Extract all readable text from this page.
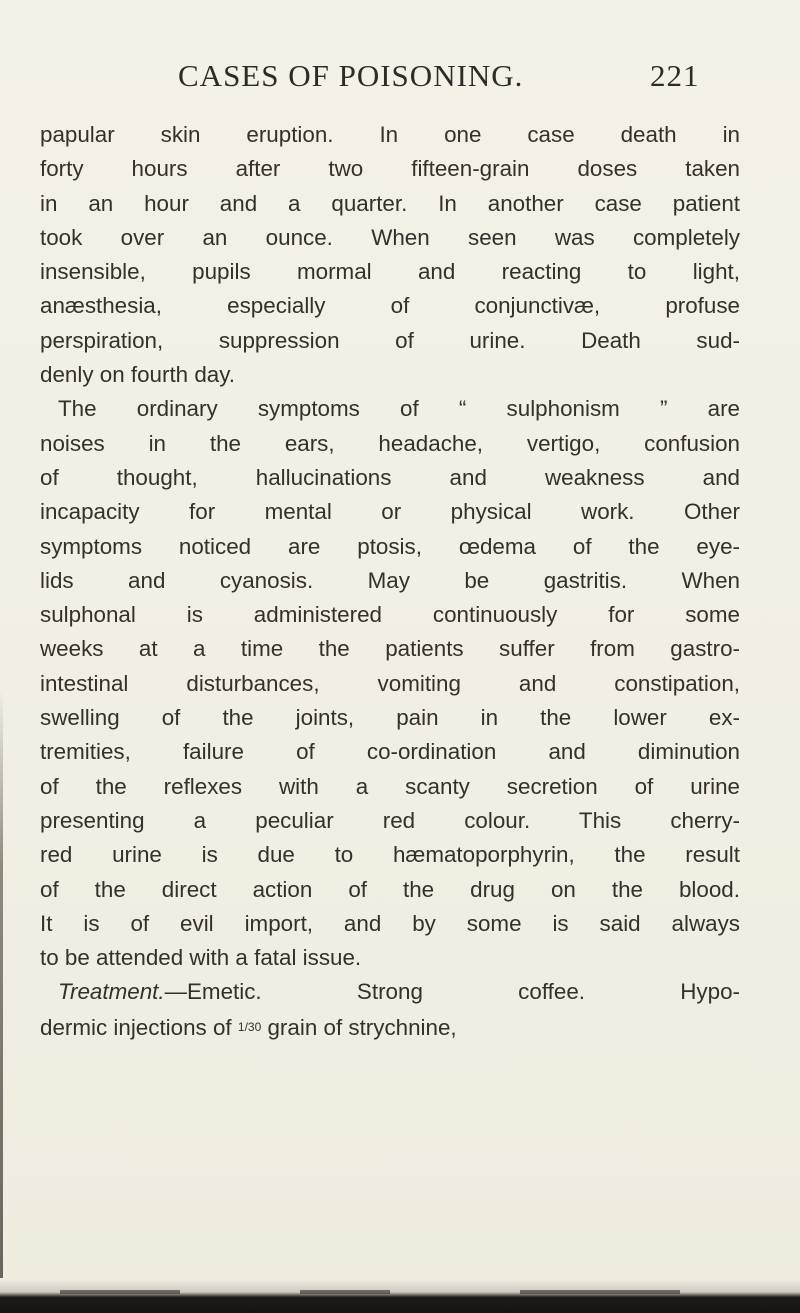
CASES OF POISONING.	221
papular skin eruption. In one case death in
forty hours after two fifteen-grain doses taken
in an hour and a quarter. In another case patient
took over an ounce. When seen was completely
insensible, pupils mormal and reacting to light,
anæsthesia, especially of conjunctivæ, profuse
perspiration, suppression of urine. Death sud-
denly on fourth day.
The ordinary symptoms of “ sulphonism ” are
noises in the ears, headache, vertigo, confusion
of thought, hallucinations and weakness and
incapacity for mental or physical work. Other
symptoms noticed are ptosis, œdema of the eye-
lids and cyanosis. May be gastritis. When
sulphonal is administered continuously for some
weeks at a time the patients suffer from gastro-
intestinal disturbances, vomiting and constipation,
swelling of the joints, pain in the lower ex-
tremities, failure of co-ordination and diminution
of the reflexes with a scanty secretion of urine
presenting a peculiar red colour. This cherry-
red urine is due to hæmatoporphyrin, the result
of the direct action of the drug on the blood.
It is of evil import, and by some is said always
to be attended with a fatal issue.
Treatment.—Emetic. Strong coffee. Hypo-
dermic injections of 1/30 grain of strychnine,
